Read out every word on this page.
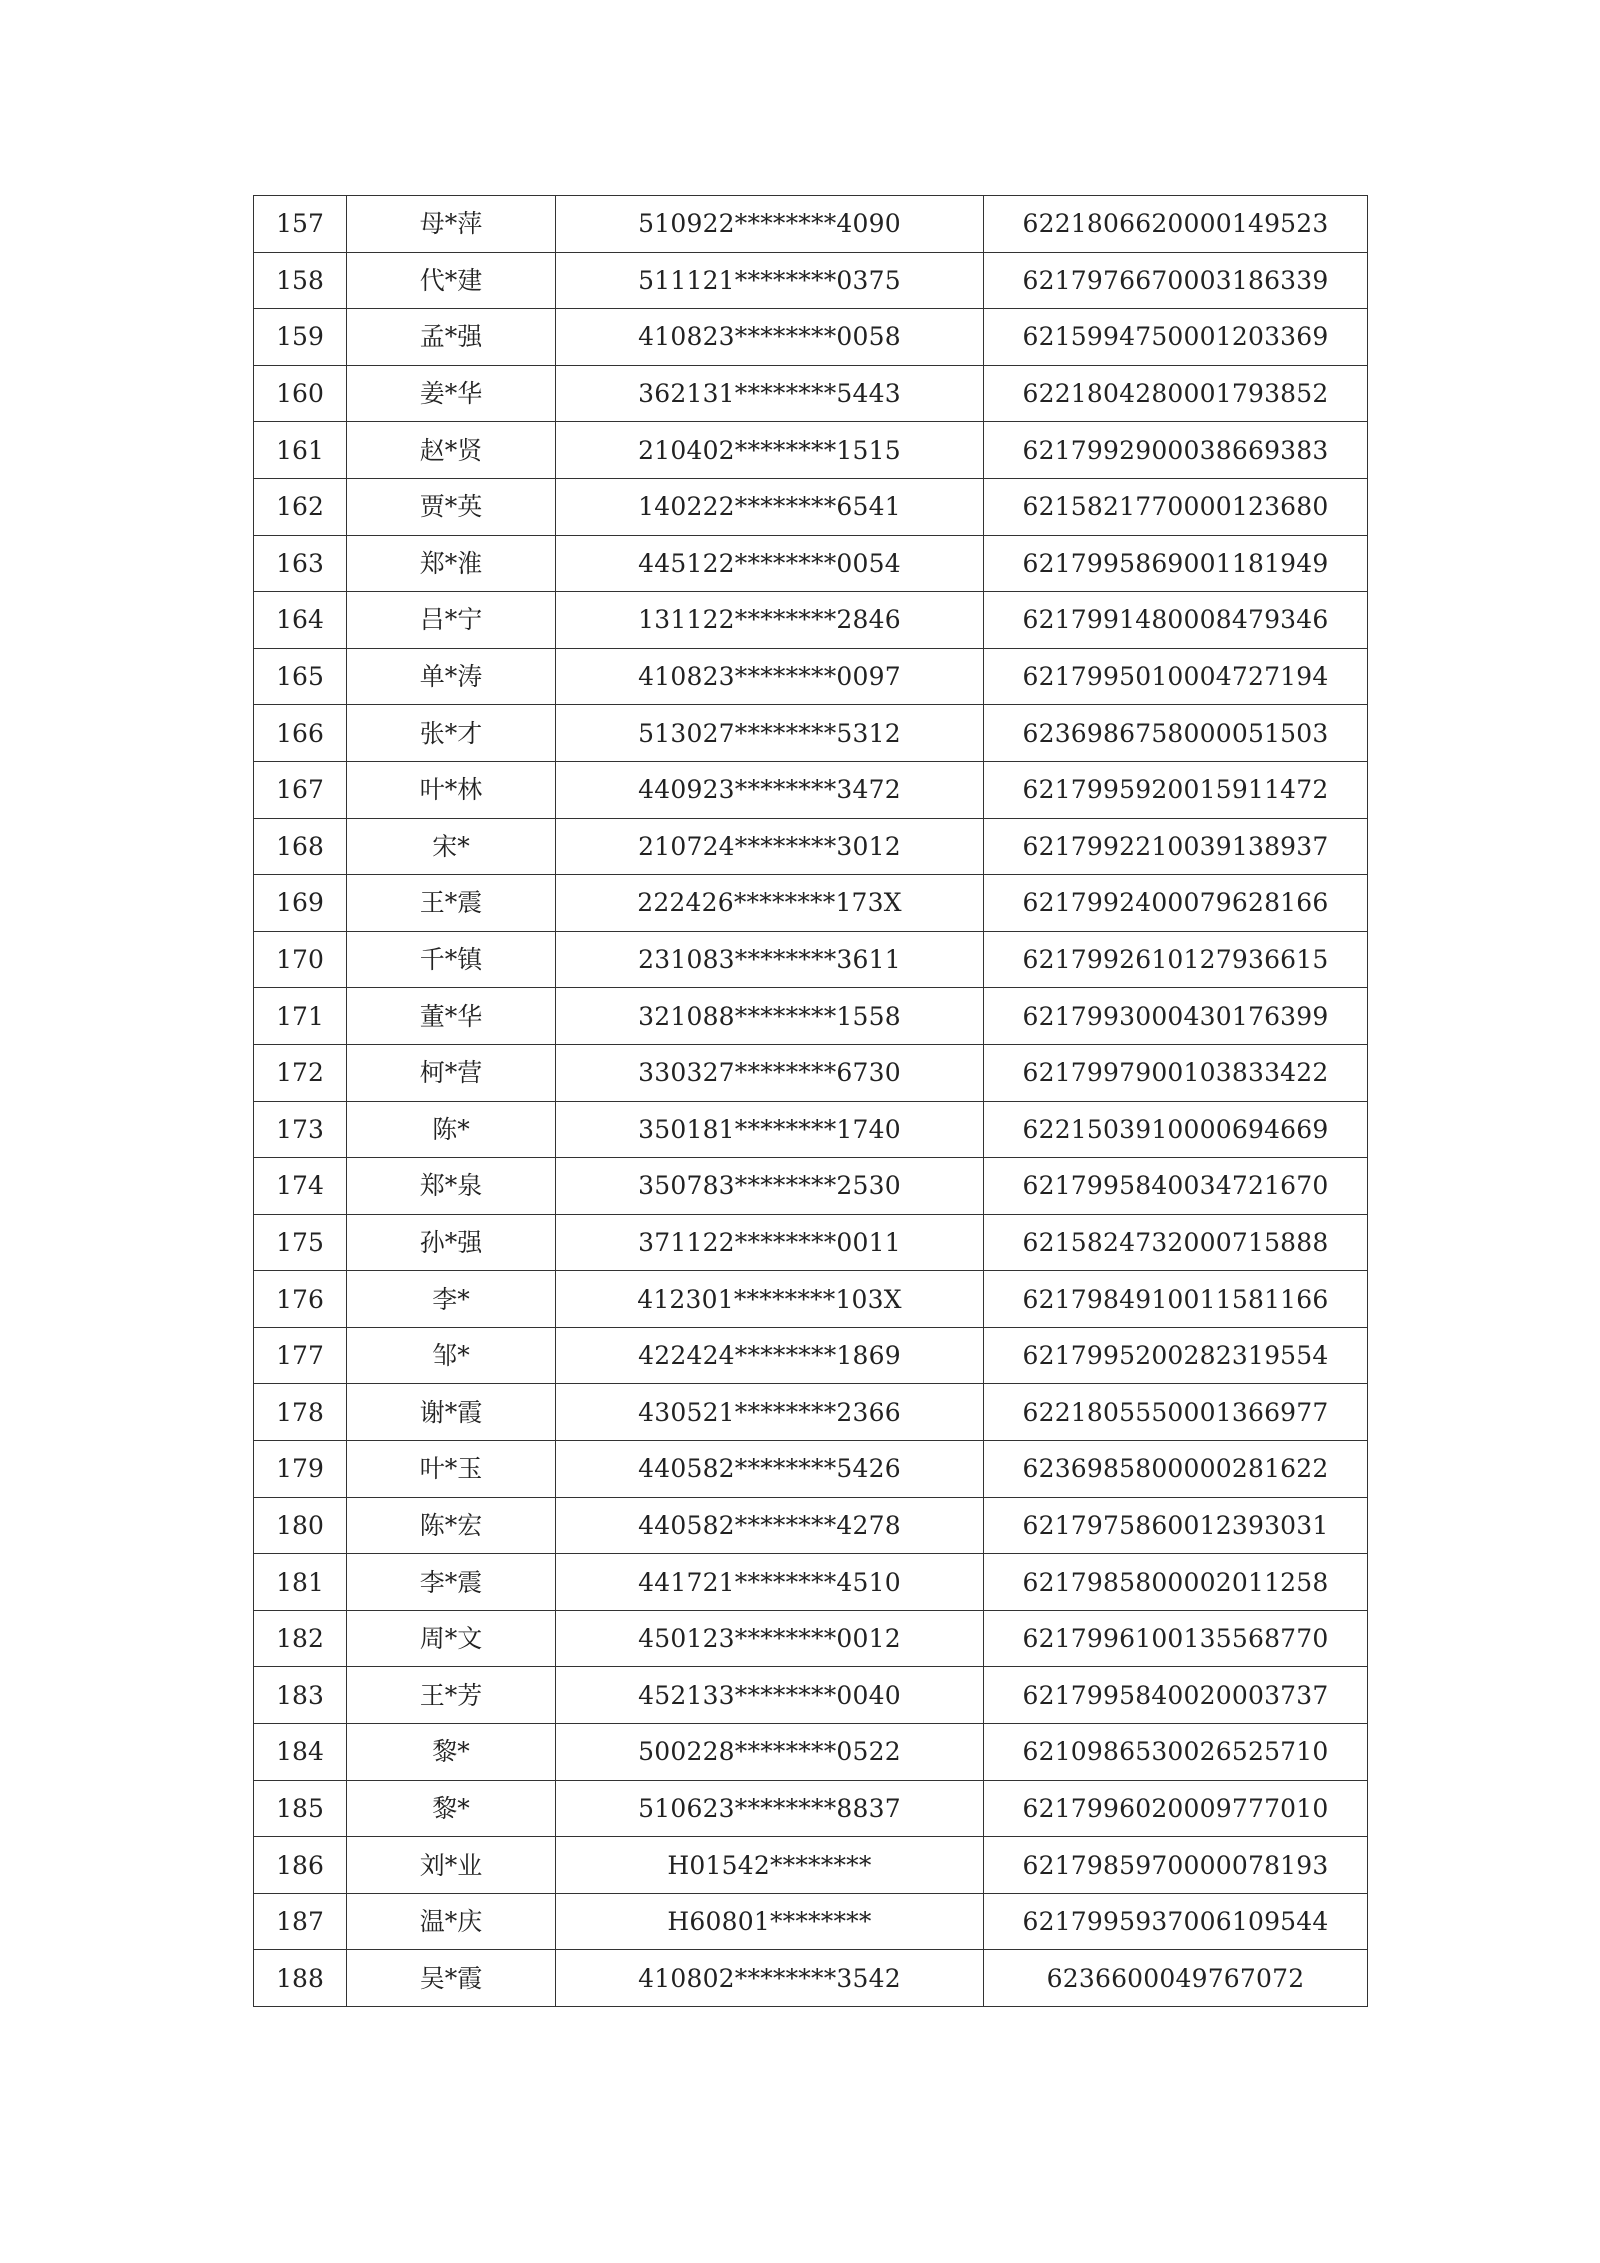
157	母*萍	510922********4090	6221806620000149523
158	代*建	511121********0375	6217976670003186339
159	孟*强	410823********0058	6215994750001203369
160	姜*华	362131********5443	6221804280001793852
161	赵*贤	210402********1515	6217992900038669383
162	贾*英	140222********6541	6215821770000123680
163	郑*淮	445122********0054	6217995869001181949
164	吕*宁	131122********2846	6217991480008479346
165	单*涛	410823********0097	6217995010004727194
166	张*才	513027********5312	6236986758000051503
167	叶*林	440923********3472	6217995920015911472
168	宋*	210724********3012	6217992210039138937
169	王*震	222426********173X	6217992400079628166
170	千*镇	231083********3611	6217992610127936615
171	董*华	321088********1558	6217993000430176399
172	柯*营	330327********6730	6217997900103833422
173	陈*	350181********1740	6221503910000694669
174	郑*泉	350783********2530	6217995840034721670
175	孙*强	371122********0011	6215824732000715888
176	李*	412301********103X	6217984910011581166
177	邹*	422424********1869	6217995200282319554
178	谢*霞	430521********2366	6221805550001366977
179	叶*玉	440582********5426	6236985800000281622
180	陈*宏	440582********4278	6217975860012393031
181	李*震	441721********4510	6217985800002011258
182	周*文	450123********0012	6217996100135568770
183	王*芳	452133********0040	6217995840020003737
184	黎*	500228********0522	6210986530026525710
185	黎*	510623********8837	6217996020009777010
186	刘*业	H01542********	6217985970000078193
187	温*庆	H60801********	6217995937006109544
188	吴*霞	410802********3542	6236600049767072
